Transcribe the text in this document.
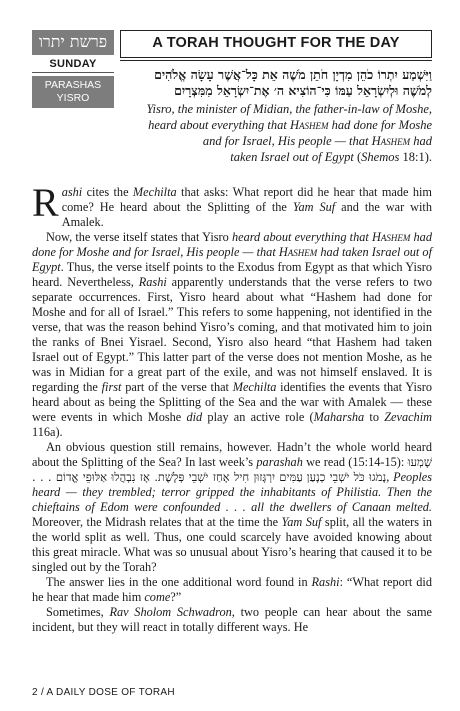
פרשת יתרו
SUNDAY
PARASHAS
YISRO
A TORAH THOUGHT FOR THE DAY
וַיִּשְׁמַע יִתְרוֹ כֹהֵן מִדְיָן חֹתֵן מֹשֶׁה אֵת כָּל־אֲשֶׁר עָשָׂה אֱלֹהִים
לְמֹשֶׁה וּלְיִשְׂרָאֵל עַמּוֹ כִּי־הוֹצִיא ה׳ אֶת־יִשְׂרָאֵל מִמִּצְרָיִם
Yisro, the minister of Midian, the father-in-law of Moshe,
heard about everything that Hashem had done for Moshe
and for Israel, His people — that Hashem had
taken Israel out of Egypt (Shemos 18:1).

Rashi cites the Mechilta that asks: What report did he hear that made him come? He heard about the Splitting of the Yam Suf and the war with Amalek.

Now, the verse itself states that Yisro heard about everything that Hashem had done for Moshe and for Israel, His people — that Hashem had taken Israel out of Egypt. Thus, the verse itself points to the Exodus from Egypt as that which Yisro heard. Nevertheless, Rashi apparently understands that the verse refers to two separate occurrences. First, Yisro heard about what “Hashem had done for Moshe and for all of Israel.” This refers to some happening, not identified in the verse, that was the reason behind Yisro’s coming, and that motivated him to join the ranks of Bnei Yisrael. Second, Yisro also heard “that Hashem had taken Israel out of Egypt.” This latter part of the verse does not mention Moshe, as he was in Midian for a great part of the exile, and was not himself enslaved. It is regarding the first part of the verse that Mechilta identifies the events that Yisro heard about as being the Splitting of the Sea and the war with Amalek — these were events in which Moshe did play an active role (Maharsha to Zevachim 116a).

An obvious question still remains, however. Hadn’t the whole world heard about the Splitting of the Sea? In last week’s parashah we read (15:14-15): שָׁמְעוּ עַמִּים יִרְגָּזוּן חִיל אָחַז יֹשְׁבֵי פְּלָשֶׁת. אָז נִבְהֲלוּ אַלּוּפֵי אֱדוֹם . . . נָמֹגוּ כֹּל יֹשְׁבֵי כְנָעַן, Peoples heard — they trembled; terror gripped the inhabitants of Philistia. Then the chieftains of Edom were confounded . . . all the dwellers of Canaan melted. Moreover, the Midrash relates that at the time the Yam Suf split, all the waters in the world split as well. Thus, one could scarcely have avoided knowing about this great miracle. What was so unusual about Yisro’s hearing that caused it to be singled out by the Torah?

The answer lies in the one additional word found in Rashi: “What report did he hear that made him come?”

Sometimes, Rav Sholom Schwadron, two people can hear about the same incident, but they will react in totally different ways. He

2 / A DAILY DOSE OF TORAH
